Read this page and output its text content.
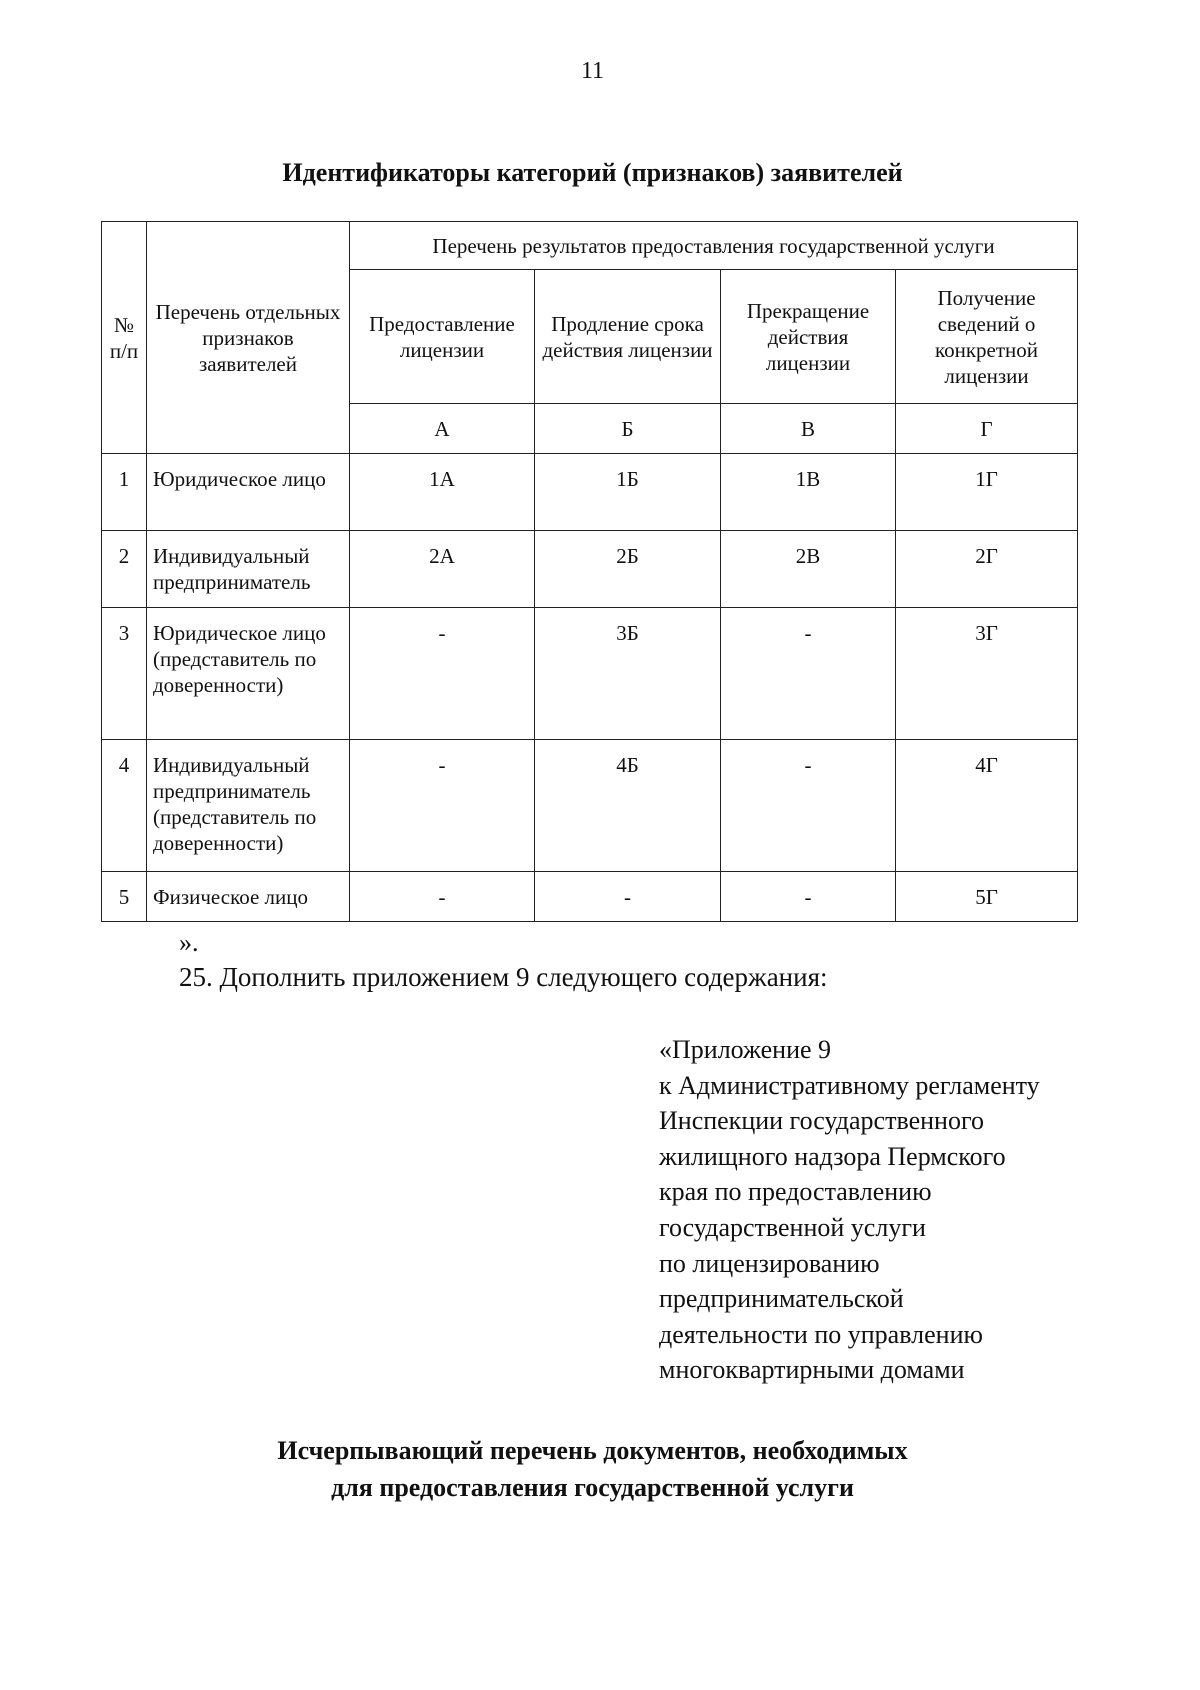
11
Идентификаторы категорий (признаков) заявителей
№ п/п	Перечень отдельных признаков заявителей	Перечень результатов предоставления государственной услуги			
		Предоставление лицензии	Продление срока действия лицензии	Прекращение действия лицензии	Получение сведений о конкретной лицензии
		А	Б	В	Г
1	Юридическое лицо	1А	1Б	1В	1Г
2	Индивидуальный предприниматель	2А	2Б	2В	2Г
3	Юридическое лицо (представитель по доверенности)	-	3Б	-	3Г
4	Индивидуальный предприниматель (представитель по доверенности)	-	4Б	-	4Г
5	Физическое лицо	-	-	-	5Г
».
25. Дополнить приложением 9 следующего содержания:
«Приложение 9
к Административному регламенту
Инспекции государственного
жилищного надзора Пермского
края по предоставлению
государственной услуги
по лицензированию
предпринимательской
деятельности по управлению
многоквартирными домами
Исчерпывающий перечень документов, необходимых
для предоставления государственной услуги
